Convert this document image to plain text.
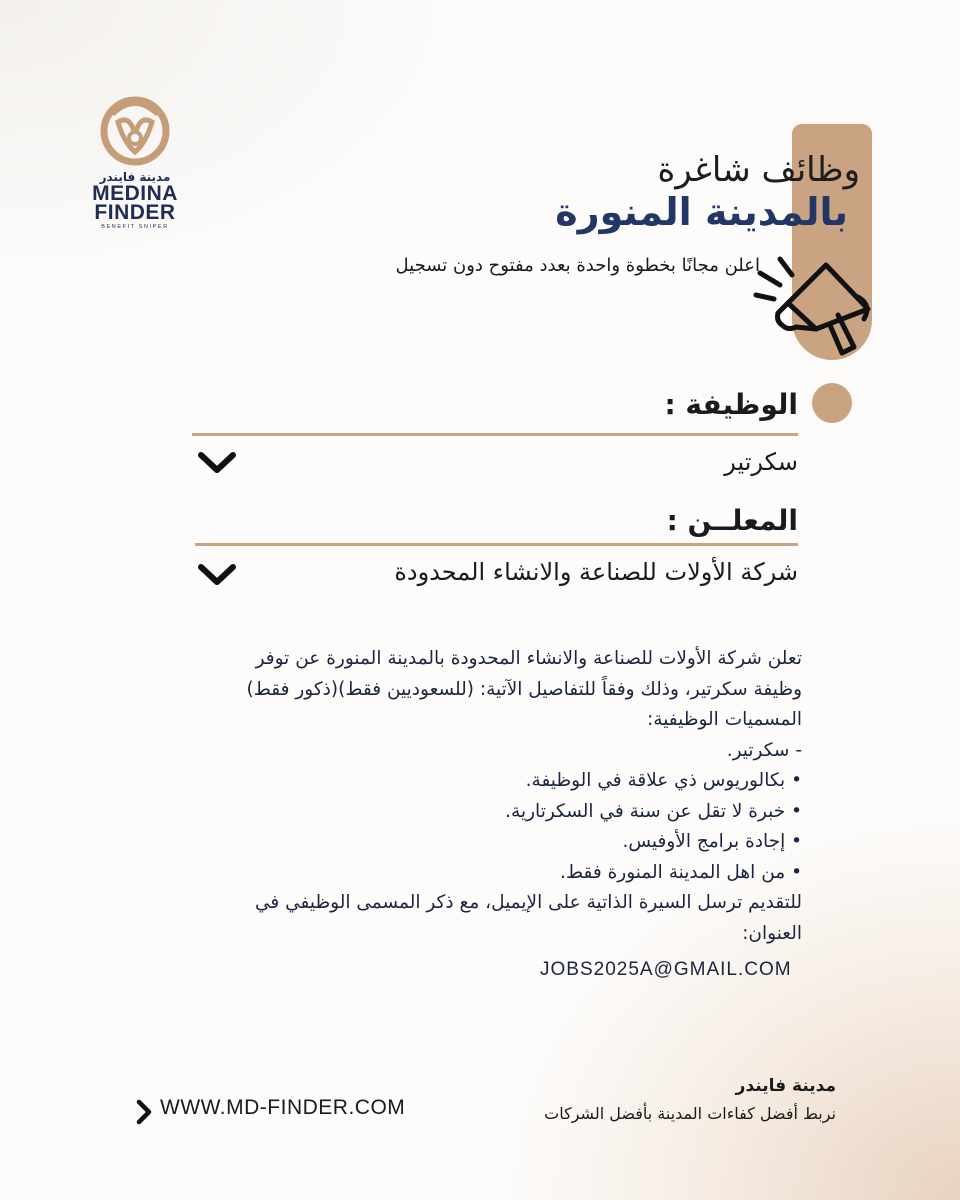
مدينة فايندر
MEDINA
FINDER
BENEFIT SNIPER
وظائف شاغرة
بالمدينة المنورة
اعلن مجانًا بخطوة واحدة بعدد مفتوح دون تسجيل
الوظيفة :
سكرتير
المعلــن :
شركة الأولات للصناعة والانشاء المحدودة
تعلن شركة الأولات للصناعة والانشاء المحدودة بالمدينة المنورة عن توفر
وظيفة سكرتير، وذلك وفقاً للتفاصيل الآتية: (للسعوديين فقط)(ذكور فقط)
المسميات الوظيفية:
- سكرتير.
• بكالوريوس ذي علاقة في الوظيفة.
• خبرة لا تقل عن سنة في السكرتارية.
• إجادة برامج الأوفيس.
• من اهل المدينة المنورة فقط.
للتقديم ترسل السيرة الذاتية على الإيميل، مع ذكر المسمى الوظيفي في
العنوان:
JOBS2025A@GMAIL.COM
WWW.MD-FINDER.COM
مدينة فايندر
نربط أفضل كفاءات المدينة بأفضل الشركات
